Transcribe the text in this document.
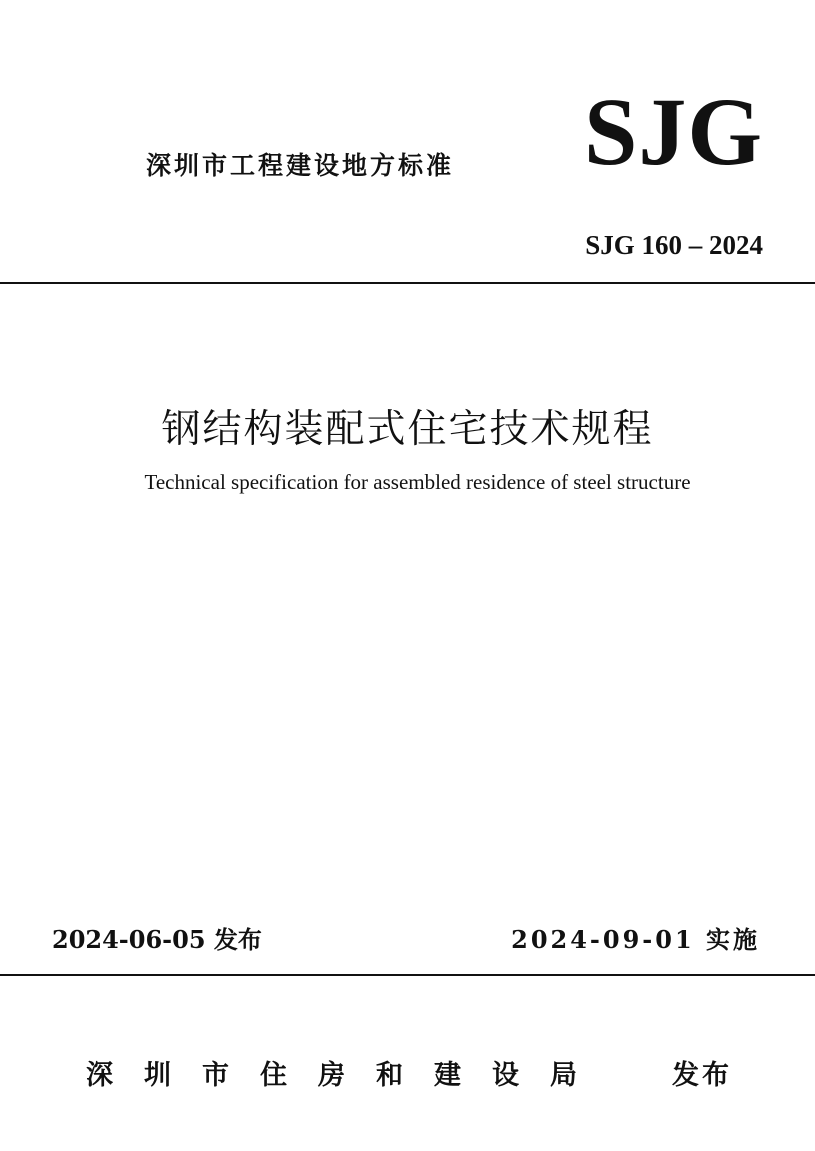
深圳市工程建设地方标准 SJG
SJG 160 – 2024
钢结构装配式住宅技术规程
Technical specification for assembled residence of steel structure
2024-06-05 发布	2024-09-01 实施
深圳市住房和建设局 发布
